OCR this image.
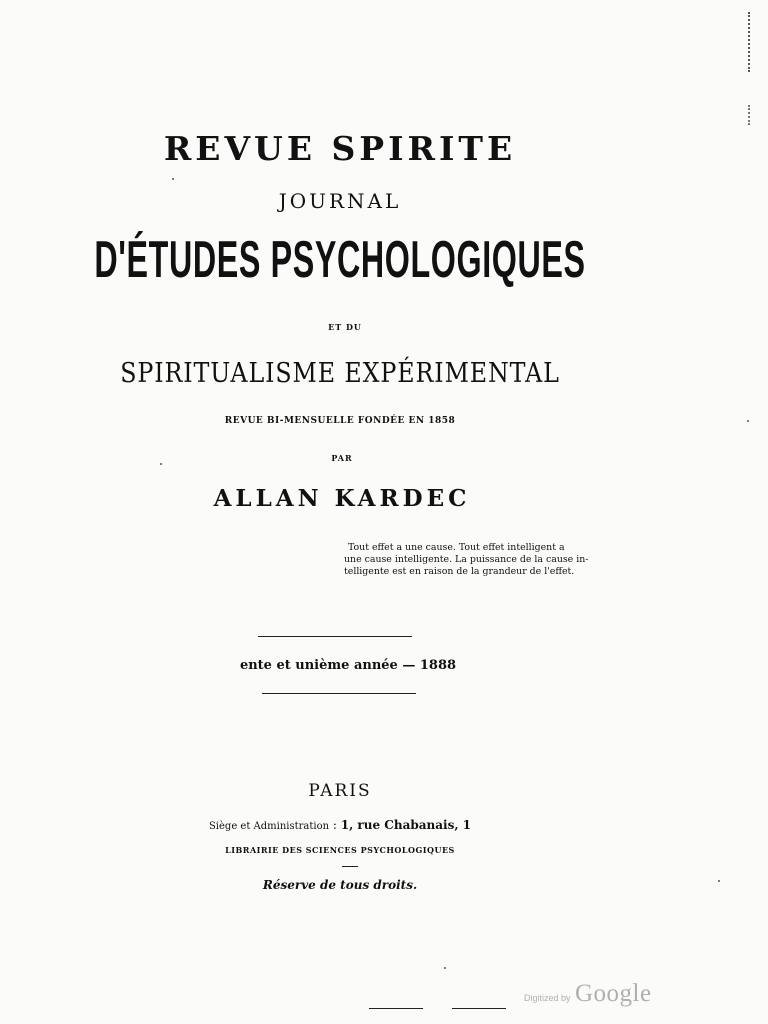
REVUE SPIRITE
JOURNAL
D'ÉTUDES PSYCHOLOGIQUES
ET DU
SPIRITUALISME EXPÉRIMENTAL
REVUE BI-MENSUELLE FONDÉE EN 1858
PAR
ALLAN KARDEC
Tout effet a une cause. Tout effet intelligent a
une cause intelligente. La puissance de la cause in-
telligente est en raison de la grandeur de l'effet.
ente et unième année — 1888
PARIS
Siège et Administration : 1, rue Chabanais, 1
LIBRAIRIE DES SCIENCES PSYCHOLOGIQUES
Réserve de tous droits.
Digitized by Google
